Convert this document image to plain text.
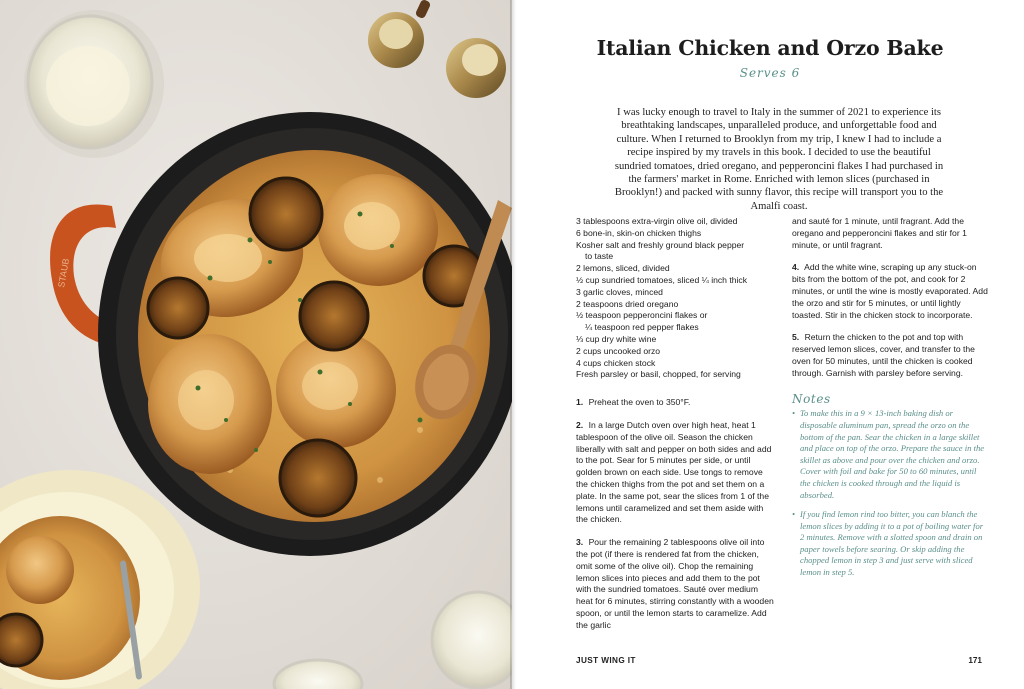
STAUB
Italian Chicken and Orzo Bake
Serves 6
I was lucky enough to travel to Italy in the summer of 2021 to experience its breathtaking landscapes, unparalleled produce, and unforgettable food and culture. When I returned to Brooklyn from my trip, I knew I had to include a recipe inspired by my travels in this book. I decided to use the beautiful sundried tomatoes, dried oregano, and pepperoncini flakes I had purchased in the farmers' market in Rome. Enriched with lemon slices (purchased in Brooklyn!) and packed with sunny flavor, this recipe will transport you to the Amalfi coast.
3 tablespoons extra-virgin olive oil, divided
6 bone-in, skin-on chicken thighs
Kosher salt and freshly ground black pepper
to taste
2 lemons, sliced, divided
½ cup sundried tomatoes, sliced ¼ inch thick
3 garlic cloves, minced
2 teaspoons dried oregano
½ teaspoon pepperoncini flakes or
¼ teaspoon red pepper flakes
⅓ cup dry white wine
2 cups uncooked orzo
4 cups chicken stock
Fresh parsley or basil, chopped, for serving

1. Preheat the oven to 350°F.

2. In a large Dutch oven over high heat, heat 1 tablespoon of the olive oil. Season the chicken liberally with salt and pepper on both sides and add to the pot. Sear for 5 minutes per side, or until golden brown on each side. Use tongs to remove the chicken thighs from the pot and set them on a plate. In the same pot, sear the slices from 1 of the lemons until caramelized and set them aside with the chicken.

3. Pour the remaining 2 tablespoons olive oil into the pot (if there is rendered fat from the chicken, omit some of the olive oil). Chop the remaining lemon slices into pieces and add them to the pot with the sundried tomatoes. Sauté over medium heat for 6 minutes, stirring constantly with a wooden spoon, or until the lemon starts to caramelize. Add the garlic

and sauté for 1 minute, until fragrant. Add the oregano and pepperoncini flakes and stir for 1 minute, or until fragrant.

4. Add the white wine, scraping up any stuck-on bits from the bottom of the pot, and cook for 2 minutes, or until the wine is mostly evaporated. Add the orzo and stir for 5 minutes, or until lightly toasted. Stir in the chicken stock to incorporate.

5. Return the chicken to the pot and top with reserved lemon slices, cover, and transfer to the oven for 50 minutes, until the chicken is cooked through. Garnish with parsley before serving.

Notes
• To make this in a 9 × 13-inch baking dish or disposable aluminum pan, spread the orzo on the bottom of the pan. Sear the chicken in a large skillet and place on top of the orzo. Prepare the sauce in the skillet as above and pour over the chicken and orzo. Cover with foil and bake for 50 to 60 minutes, until the chicken is cooked through and the liquid is absorbed.
• If you find lemon rind too bitter, you can blanch the lemon slices by adding it to a pot of boiling water for 2 minutes. Remove with a slotted spoon and drain on paper towels before searing. Or skip adding the chopped lemon in step 3 and just serve with sliced lemon in step 5.
JUST WING IT	171
